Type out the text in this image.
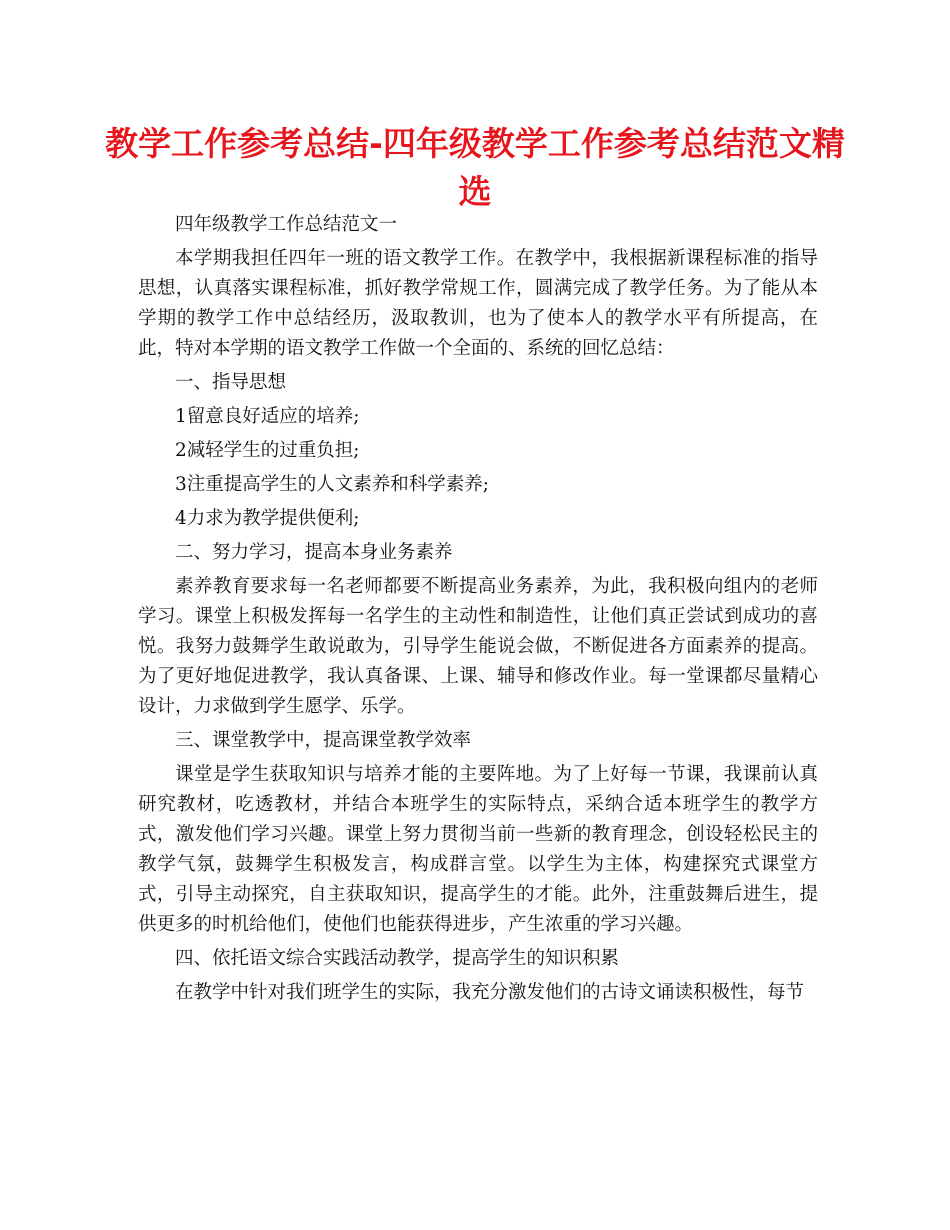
教学工作参考总结-四年级教学工作参考总结范文精选

四年级教学工作总结范文一

本学期我担任四年一班的语文教学工作。在教学中，我根据新课程标准的指导思想，认真落实课程标准，抓好教学常规工作，圆满完成了教学任务。为了能从本学期的教学工作中总结经历，汲取教训，也为了使本人的教学水平有所提高，在此，特对本学期的语文教学工作做一个全面的、系统的回忆总结：

一、指导思想

1留意良好适应的培养;

2减轻学生的过重负担;

3注重提高学生的人文素养和科学素养;

4力求为教学提供便利;

二、努力学习，提高本身业务素养

素养教育要求每一名老师都要不断提高业务素养，为此，我积极向组内的老师学习。课堂上积极发挥每一名学生的主动性和制造性，让他们真正尝试到成功的喜悦。我努力鼓舞学生敢说敢为，引导学生能说会做，不断促进各方面素养的提高。为了更好地促进教学，我认真备课、上课、辅导和修改作业。每一堂课都尽量精心设计，力求做到学生愿学、乐学。

三、课堂教学中，提高课堂教学效率

课堂是学生获取知识与培养才能的主要阵地。为了上好每一节课，我课前认真研究教材，吃透教材，并结合本班学生的实际特点，采纳合适本班学生的教学方式，激发他们学习兴趣。课堂上努力贯彻当前一些新的教育理念，创设轻松民主的教学气氛，鼓舞学生积极发言，构成群言堂。以学生为主体，构建探究式课堂方式，引导主动探究，自主获取知识，提高学生的才能。此外，注重鼓舞后进生，提供更多的时机给他们，使他们也能获得进步，产生浓重的学习兴趣。

四、依托语文综合实践活动教学，提高学生的知识积累

在教学中针对我们班学生的实际，我充分激发他们的古诗文诵读积极性，每节
